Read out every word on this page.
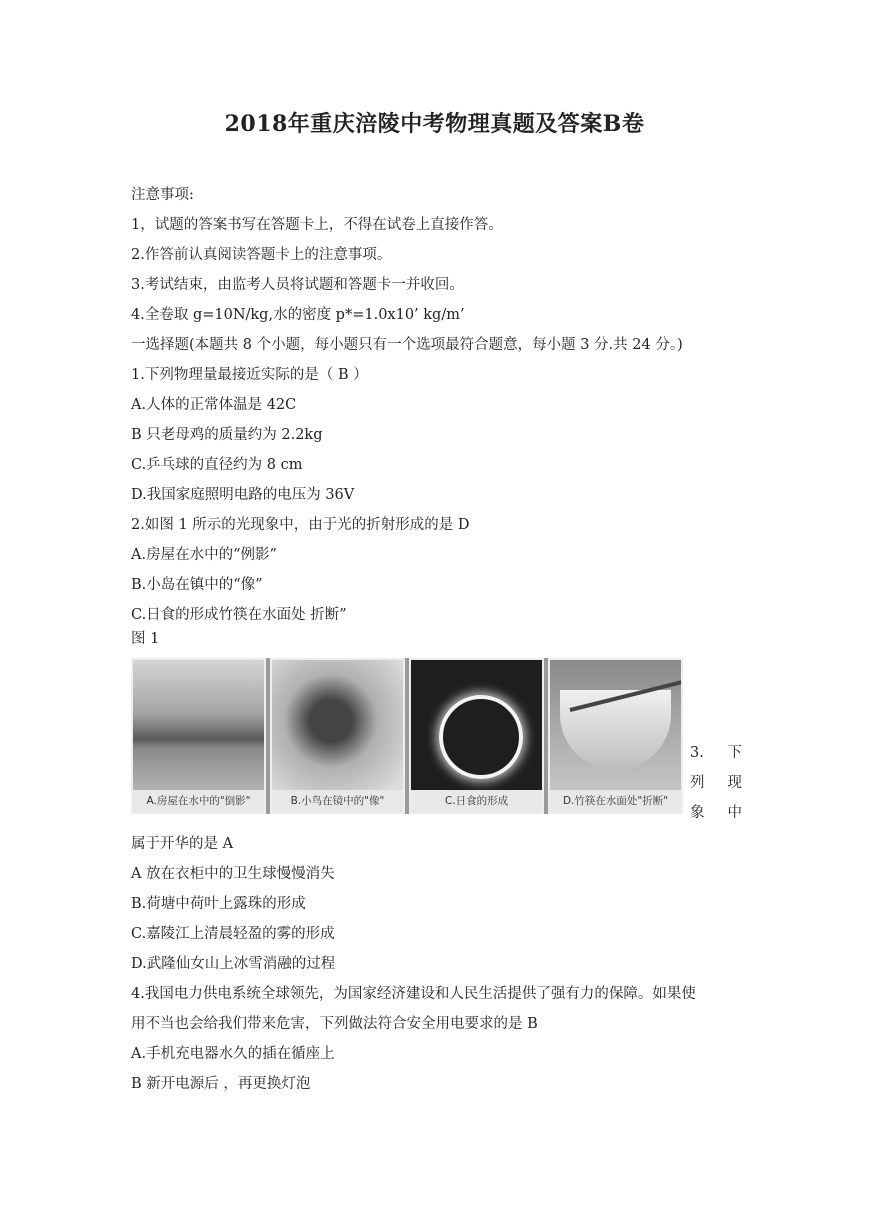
2018年重庆涪陵中考物理真题及答案B卷
注意事项:
1，试题的答案书写在答题卡上，不得在试卷上直接作答。
2.作答前认真阅读答题卡上的注意事项。
3.考试结束，由监考人员将试题和答题卡一并收回。
4.全卷取 g=10N/kg,水的密度 p*=1.0x10’ kg/m’
一选择题(本题共 8 个小题，每小题只有一个选项最符合题意，每小题 3 分.共 24 分。)
1.下列物理量最接近实际的是（ B ）
A.人体的正常体温是 42C
B 只老母鸡的质量约为 2.2kg
C.乒乓球的直径约为 8 cm
D.我国家庭照明电路的电压为 36V
2.如图 1 所示的光现象中，由于光的折射形成的是 D
A.房屋在水中的“例影”
B.小岛在镇中的“像”
C.日食的形成竹筷在水面处 折断”
图 1
A.房屋在水中的"倒影"	B.小鸟在镜中的"像"	C.日食的形成	D.竹筷在水面处"折断"
3. 下
列 现
象 中
属于开华的是 A
A 放在衣柜中的卫生球慢慢消失
B.荷塘中荷叶上露珠的形成
C.嘉陵江上清晨轻盈的雾的形成
D.武隆仙女山上冰雪消融的过程
4.我国电力供电系统全球领先，为国家经济建设和人民生活提供了强有力的保障。如果使
用不当也会给我们带来危害，下列做法符合安全用电要求的是 B
A.手机充电器水久的插在循座上
B 新开电源后 ，再更换灯泡
